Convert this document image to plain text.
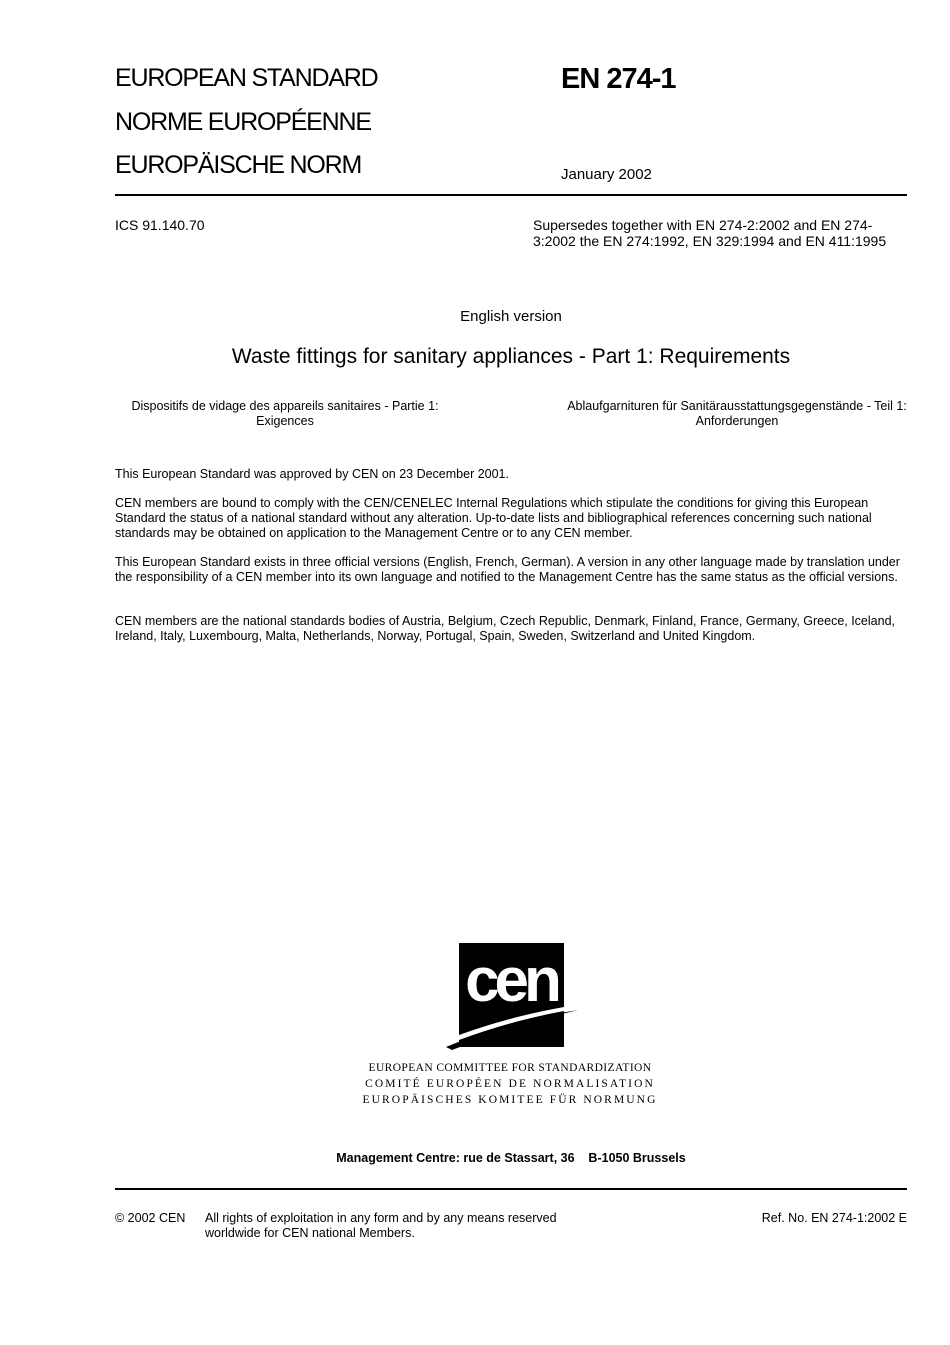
EUROPEAN STANDARD
NORME EUROPÉENNE
EUROPÄISCHE NORM
EN 274-1
January 2002
ICS 91.140.70	Supersedes together with EN 274-2:2002 and EN 274-3:2002 the EN 274:1992, EN 329:1994 and EN 411:1995
English version
Waste fittings for sanitary appliances - Part 1: Requirements
Dispositifs de vidage des appareils sanitaires - Partie 1: Exigences
Ablaufgarnituren für Sanitärausstattungsgegenstände - Teil 1: Anforderungen

This European Standard was approved by CEN on 23 December 2001.

CEN members are bound to comply with the CEN/CENELEC Internal Regulations which stipulate the conditions for giving this European Standard the status of a national standard without any alteration. Up-to-date lists and bibliographical references concerning such national standards may be obtained on application to the Management Centre or to any CEN member.

This European Standard exists in three official versions (English, French, German). A version in any other language made by translation under the responsibility of a CEN member into its own language and notified to the Management Centre has the same status as the official versions.

CEN members are the national standards bodies of Austria, Belgium, Czech Republic, Denmark, Finland, France, Germany, Greece, Iceland, Ireland, Italy, Luxembourg, Malta, Netherlands, Norway, Portugal, Spain, Sweden, Switzerland and United Kingdom.

cen
EUROPEAN COMMITTEE FOR STANDARDIZATION
COMITÉ EUROPÉEN DE NORMALISATION
EUROPÄISCHES KOMITEE FÜR NORMUNG
Management Centre: rue de Stassart, 36    B-1050 Brussels
© 2002 CEN All rights of exploitation in any form and by any means reserved worldwide for CEN national Members.
Ref. No. EN 274-1:2002 E
